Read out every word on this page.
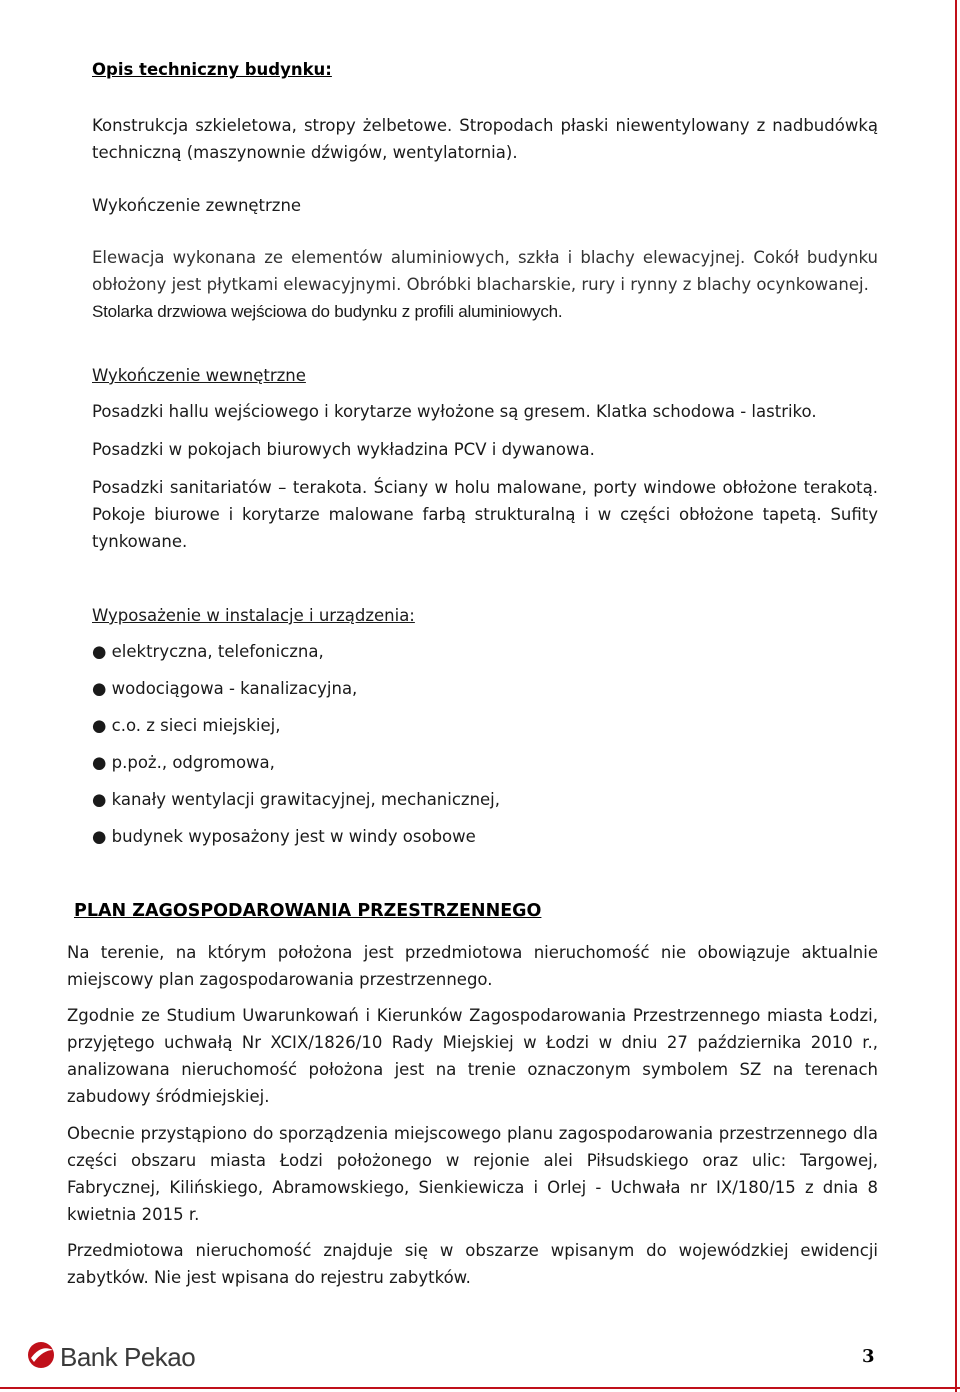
Opis techniczny budynku:

Konstrukcja szkieletowa, stropy żelbetowe. Stropodach płaski niewentylowany z nadbudówką techniczną (maszynownie dźwigów, wentylatornia).

Wykończenie zewnętrzne

Elewacja wykonana ze elementów aluminiowych, szkła i blachy elewacyjnej. Cokół budynku obłożony jest płytkami elewacyjnymi. Obróbki blacharskie, rury i rynny z blachy ocynkowanej.

Stolarka drzwiowa wejściowa do budynku z profili aluminiowych.

Wykończenie wewnętrzne

Posadzki hallu wejściowego i korytarze wyłożone są gresem. Klatka schodowa - lastriko.

Posadzki w pokojach biurowych wykładzina PCV i dywanowa.

Posadzki sanitariatów – terakota. Ściany w holu malowane, porty windowe obłożone terakotą. Pokoje biurowe i korytarze malowane farbą strukturalną i w części obłożone tapetą. Sufity tynkowane.

Wyposażenie w instalacje i urządzenia:

● elektryczna, telefoniczna,
● wodociągowa - kanalizacyjna,
● c.o. z sieci miejskiej,
● p.poż., odgromowa,
● kanały wentylacji grawitacyjnej, mechanicznej,
● budynek wyposażony jest w windy osobowe
PLAN ZAGOSPODAROWANIA PRZESTRZENNEGO

Na terenie, na którym położona jest przedmiotowa nieruchomość nie obowiązuje aktualnie miejscowy plan zagospodarowania przestrzennego.

Zgodnie ze Studium Uwarunkowań i Kierunków Zagospodarowania Przestrzennego miasta Łodzi, przyjętego uchwałą Nr XCIX/1826/10 Rady Miejskiej w Łodzi w dniu 27 października 2010 r., analizowana nieruchomość położona jest na trenie oznaczonym symbolem SZ na terenach zabudowy śródmiejskiej.

Obecnie przystąpiono do sporządzenia miejscowego planu zagospodarowania przestrzennego dla części obszaru miasta Łodzi położonego w rejonie alei Piłsudskiego oraz ulic: Targowej, Fabrycznej, Kilińskiego, Abramowskiego, Sienkiewicza i Orlej - Uchwała nr IX/180/15 z dnia 8 kwietnia 2015 r.

Przedmiotowa nieruchomość znajduje się w obszarze wpisanym do wojewódzkiej ewidencji zabytków. Nie jest wpisana do rejestru zabytków.

Bank Pekao	3
